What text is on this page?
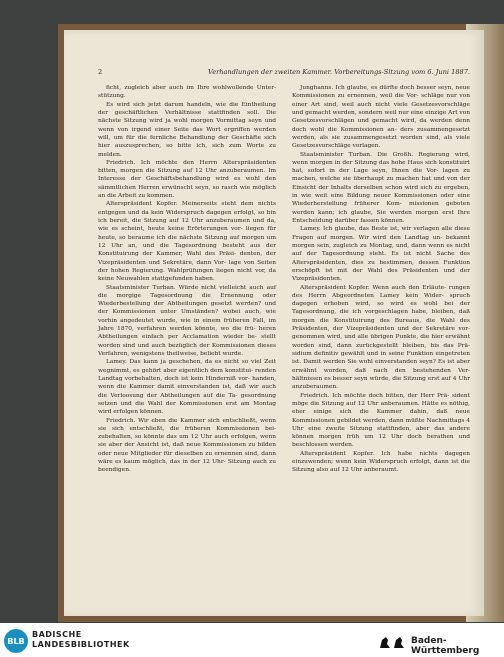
2	Verhandlungen der zweiten Kammer. Vorbereitungs-Sitzung vom 6. Juni 1887.

ficht, zugleich aber auch im Ihre wohlwollende Unter- stützung.

Es wird sich jetzt darum handeln, wie die Eintheilung der geschäftlichen Verhältnisse stattfinden soll. Die nächste Sitzung wird ja wohl morgen Vormittag seyn und wenn von irgend einer Seite das Wort ergriffen werden will, um für die fernliche Behandlung der Geschäfte sich hier auszusprechen, so bitte ich, sich zum Worte zu melden.

Friedrich. Ich möchte den Herrn Alterspräsidenten bitten, morgen die Sitzung auf 12 Uhr anzuberaumen. Im Interesse der Geschäftsbehandlung wird es wohl den sämmtlichen Herren erwünscht seyn, so rasch wie möglich an die Arbeit zu kommen.

Alterspräsident Kopfer. Meinerseits steht dem nichts entgegen und da kein Widerspruch dagegen erfolgt, so bin ich bereit, die Sitzung auf 12 Uhr anzuberaumen und da, wie es scheint, heute keine Erörterungen vor- liegen für heute, so beraume ich die nächste Sitzung auf morgen um 12 Uhr an, und die Tagesordnung besteht aus der Konstituirung der Kammer, Wahl des Präsi- denten, der Vizepräsidenten und Sekretäre, dann Vor- lage von Seiten der hohen Regierung. Wahlprüfungen liegen nicht vor, da keine Neuwahlen stattgefunden haben.

Staatsminister Turban. Würde nicht vielleicht auch auf die morgige Tagesordnung die Ernennung oder Wiederbestellung der Abtheilungen gesetzt werden? und der Kommissionen unter Umständen? wobei auch, wie vorhin angedeutet wurde, wie in einem früheren Fall, im Jahre 1870, verfahren werden könnte, wo die frü- heren Abtheilungen einfach per Acclamation wieder be- stellt worden sind und auch bezüglich der Kommissionen dieses Verfahren, wenigstens theilweise, beliebt wurde.

Lamey. Das kann ja geschehen, da es nicht so viel Zeit wegnimmt, es gehört aber eigentlich dem konstitui- renden Landtag vorbehalten, doch ist kein Hinderniß vor- handen, wenn die Kammer damit einverstanden ist, daß wir auch die Verloosung der Abtheilungen auf die Ta- gesordnung setzen und die Wahl der Kommissionen erst am Montag wird erfolgen können.

Friedrich. Wir eben die Kammer sich entschließt, wenn sie sich entschließt, die früheren Kommissionen bei- zubehalten, so könnte das um 12 Uhr auch erfolgen, wenn sie aber der Ansicht ist, daß neue Kommissionen zu bilden oder neue Mitglieder für dieselben zu ernennen sind, dann wäre es kaum möglich, das in der 12 Uhr- Sitzung auch zu beendigen.

Junghanns. Ich glaube, es dürfte doch besser seyn, neue Kommissionen zu ernennen, weil die Vor- schläge nur von einer Art sind, weil auch nicht viele Gesetzesvorschläge und gemacht werden, sondern weil nur eine einzige Art von Gesetzesvorschlägen und gemacht wird, da werden denn doch wohl die Kommissionen an- ders zusammengesetzt werden, als sie zusammengesetzt worden sind, als viele Gesetzesvorschläge vorlagen.

Staatsminister Turban. Die Großh. Regierung wird, wenn morgen in der Sitzung das hohe Haus sich konstituirt hat, sofort in der Lage seyn, Ihnen die Vor- lagen zu machen, welche sie überhaupt zu machen hat und von der Einsicht der Inhalts derselben schon wird sich zu ergeben, in wie weit eine Bildung neuer Kommissionen oder eine Wiederherstellung früherer Kom- missionen geboten werden kann; ich glaube, Sie werden morgen erst Ihre Entscheidung darüber fassen können.

Lamey. Ich glaube, das Beste ist, wir verlagen alle diese Fragen auf morgen. Wir wird den Landtag un- bekannt morgen sein, zugleich zu Montag, und, dann wenn es nicht auf der Tagesordnung steht. Es ist nicht Sache des Alterspräsidenten, dies zu bestimmen, dessen Funktion erschöpft ist mit der Wahl des Präsidenten und der Vizepräsidenten.

Alterspräsident Kopfer. Wenn auch den Erläute- rungen des Herrn Abgeordneten Lamey kein Wider- spruch dagegen erhoben wird, so wird es wohl bei der Tagesordnung, die ich vorgeschlagen habe, bleiben, daß morgen die Konstituirung des Bureaus, die Wahl des Präsidenten, der Vizepräsidenten und der Sekretäre vor- genommen wird, und alle übrigen Punkte, die hier erwähnt worden sind, dann zurückgestellt bleiben, bis das Prä- sidium definitiv gewählt und in seine Funktion eingetreten ist. Damit werden Sie wohl einverstanden seyn? Es ist aber erwähnt worden, daß nach den bestehenden Ver- hältnissen es besser seyn würde, die Sitzung erst auf 4 Uhr anzuberaumen.

Friedrich. Ich möchte doch bitten, der Herr Prä- sident möge die Sitzung auf 12 Uhr anberaumen. Hätte es nöthig, eher einige sich die Kammer dahin, daß neue Kommissionen gebildet werden, dann müßte Nachmittags 4 Uhr eine zweite Sitzung stattfinden, aber das andere können morgen früh um 12 Uhr doch berathen und beschlossen werden.

Alterspräsident Kopfer. Ich habe nichts dagegen einzuwenden; wenn kein Widerspruch erfolgt, dann ist die Sitzung also auf 12 Uhr anberaumt.

BLB
BADISCHE
LANDESBIBLIOTHEK	Baden-Württemberg
